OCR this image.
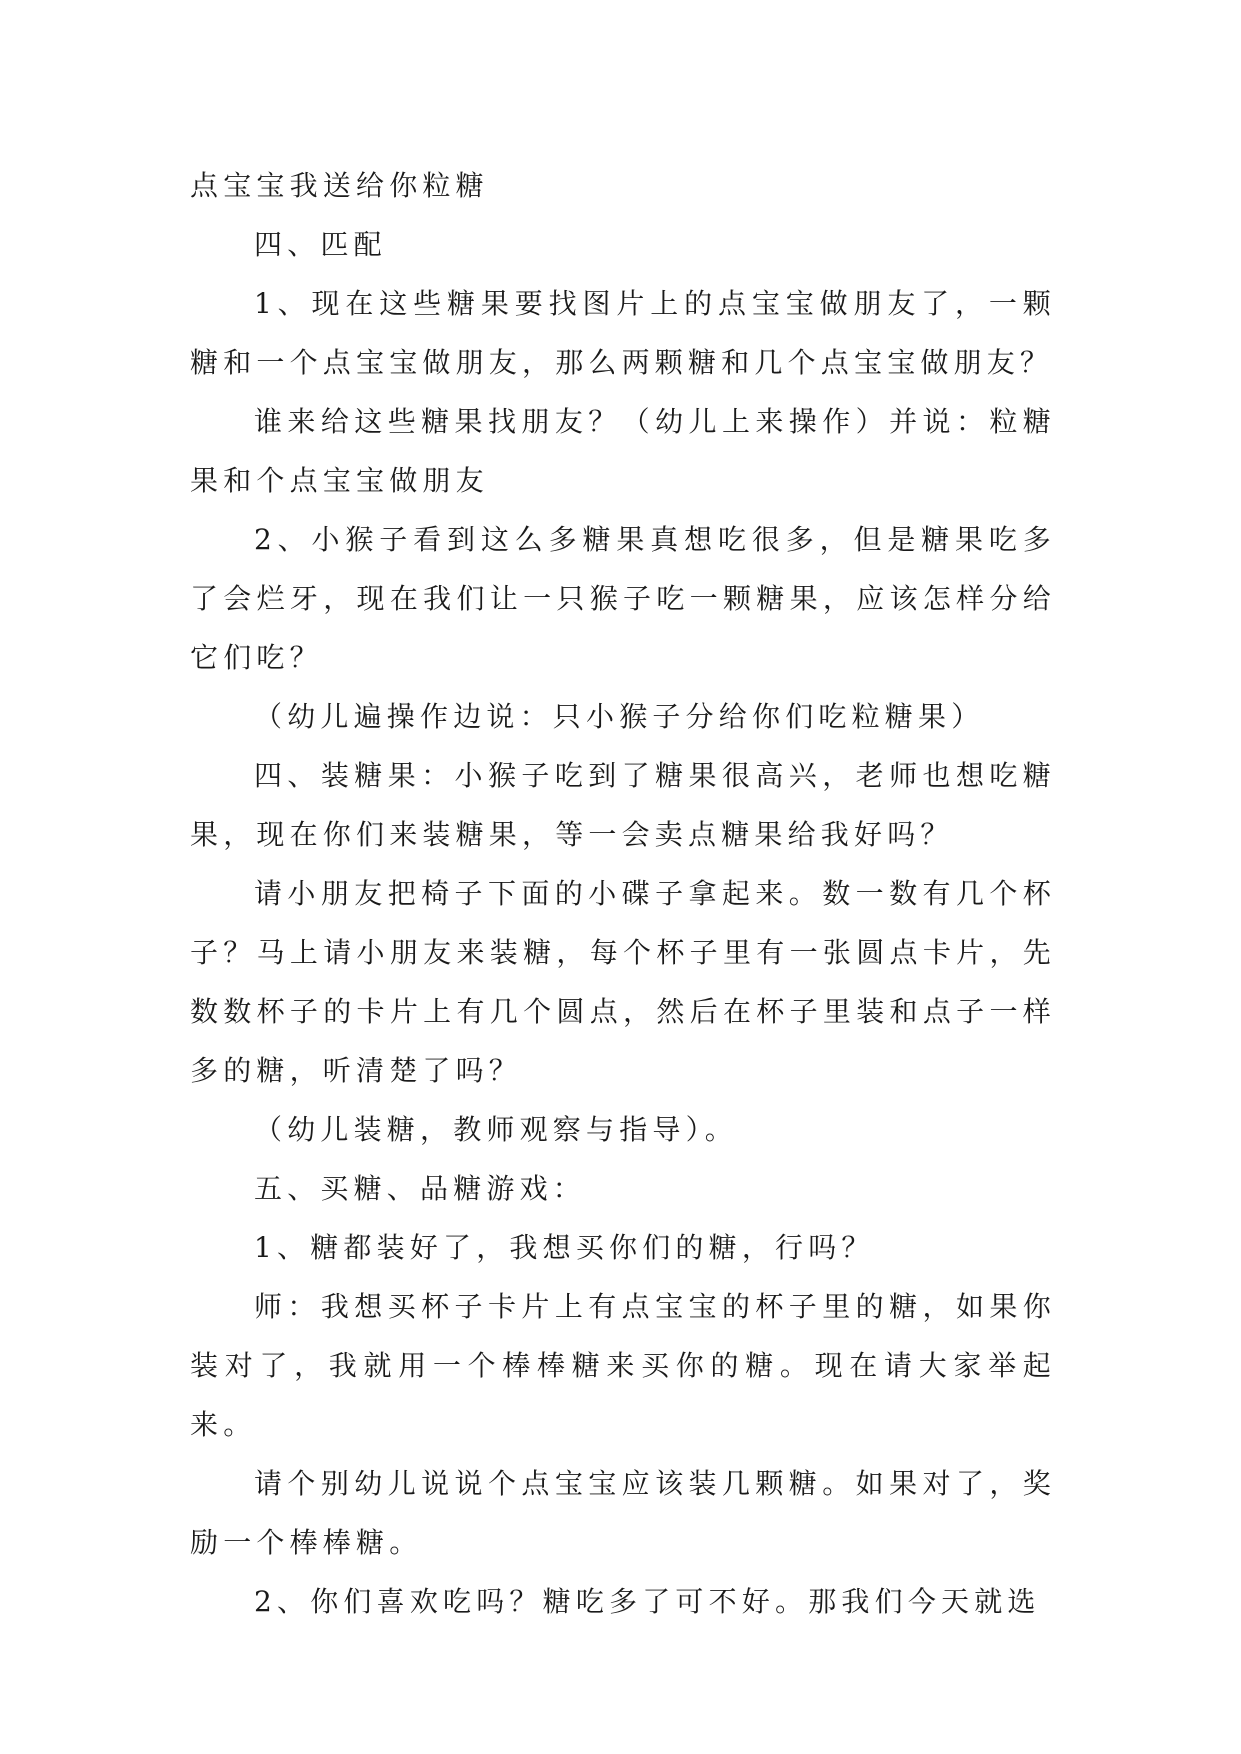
点宝宝我送给你粒糖

四、匹配

1、现在这些糖果要找图片上的点宝宝做朋友了，一颗糖和一个点宝宝做朋友，那么两颗糖和几个点宝宝做朋友？

谁来给这些糖果找朋友？（幼儿上来操作）并说：粒糖果和个点宝宝做朋友

2、小猴子看到这么多糖果真想吃很多，但是糖果吃多了会烂牙，现在我们让一只猴子吃一颗糖果，应该怎样分给它们吃？

（幼儿遍操作边说：只小猴子分给你们吃粒糖果）

四、装糖果：小猴子吃到了糖果很高兴，老师也想吃糖果，现在你们来装糖果，等一会卖点糖果给我好吗？

请小朋友把椅子下面的小碟子拿起来。数一数有几个杯子？马上请小朋友来装糖，每个杯子里有一张圆点卡片，先数数杯子的卡片上有几个圆点，然后在杯子里装和点子一样多的糖，听清楚了吗？

（幼儿装糖，教师观察与指导）。

五、买糖、品糖游戏：

1、糖都装好了，我想买你们的糖，行吗？

师：我想买杯子卡片上有点宝宝的杯子里的糖，如果你装对了，我就用一个棒棒糖来买你的糖。现在请大家举起来。

请个别幼儿说说个点宝宝应该装几颗糖。如果对了，奖励一个棒棒糖。

2、你们喜欢吃吗？糖吃多了可不好。那我们今天就选
